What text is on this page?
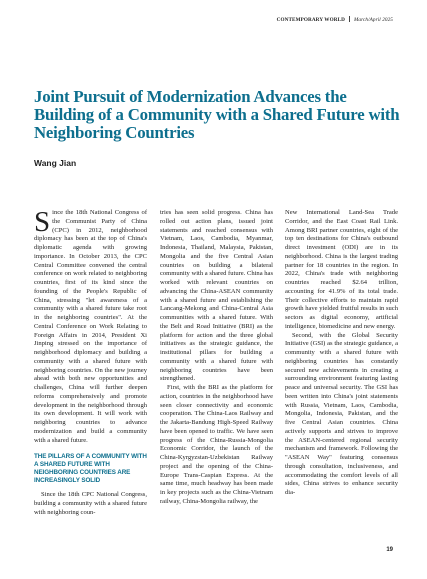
CONTEMPORARY WORLD March/April 2025
Joint Pursuit of Modernization Advances the Building of a Community with a Shared Future with Neighboring Countries
Wang Jian

Since the 18th National Congress of the Communist Party of China (CPC) in 2012, neighborhood diplomacy has been at the top of China's diplomatic agenda with growing importance. In October 2013, the CPC Central Committee convened the central conference on work related to neighboring countries, first of its kind since the founding of the People's Republic of China, stressing "let awareness of a community with a shared future take root in the neighboring countries". At the Central Conference on Work Relating to Foreign Affairs in 2014, President Xi Jinping stressed on the importance of neighborhood diplomacy and building a community with a shared future with neighboring countries. On the new journey ahead with both new opportunities and challenges, China will further deepen reforms comprehensively and promote development in the neighborhood through its own development. It will work with neighboring countries to advance modernization and build a community with a shared future.

THE PILLARS OF A COMMUNITY WITH A SHARED FUTURE WITH NEIGHBORING COUNTRIES ARE INCREASINGLY SOLID

Since the 18th CPC National Congress, building a community with a shared future with neighboring coun-

tries has seen solid progress. China has rolled out action plans, issued joint statements and reached consensus with Vietnam, Laos, Cambodia, Myanmar, Indonesia, Thailand, Malaysia, Pakistan, Mongolia and the five Central Asian countries on building a bilateral community with a shared future. China has worked with relevant countries on advancing the China-ASEAN community with a shared future and establishing the Lancang-Mekong and China-Central Asia communities with a shared future. With the Belt and Road Initiative (BRI) as the platform for action and the three global initiatives as the strategic guidance, the institutional pillars for building a community with a shared future with neighboring countries have been strengthened.

First, with the BRI as the platform for action, countries in the neighborhood have seen closer connectivity and economic cooperation. The China-Laos Railway and the Jakarta-Bandung High-Speed Railway have been opened to traffic. We have seen progress of the China-Russia-Mongolia Economic Corridor, the launch of the China-Kyrgyzstan-Uzbekistan Railway project and the opening of the China-Europe Trans-Caspian Express. At the same time, much headway has been made in key projects such as the China-Vietnam railway, China-Mongolia railway, the

New International Land-Sea Trade Corridor, and the East Coast Rail Link. Among BRI partner countries, eight of the top ten destinations for China's outbound direct investment (ODI) are in its neighborhood. China is the largest trading partner for 18 countries in the region. In 2022, China's trade with neighboring countries reached $2.64 trillion, accounting for 41.9% of its total trade. Their collective efforts to maintain rapid growth have yielded fruitful results in such sectors as digital economy, artificial intelligence, biomedicine and new energy.

Second, with the Global Security Initiative (GSI) as the strategic guidance, a community with a shared future with neighboring countries has constantly secured new achievements in creating a surrounding environment featuring lasting peace and universal security. The GSI has been written into China's joint statements with Russia, Vietnam, Laos, Cambodia, Mongolia, Indonesia, Pakistan, and the five Central Asian countries. China actively supports and strives to improve the ASEAN-centered regional security mechanism and framework. Following the "ASEAN Way" featuring consensus through consultation, inclusiveness, and accommodating the comfort levels of all sides, China strives to enhance security dia-

19
